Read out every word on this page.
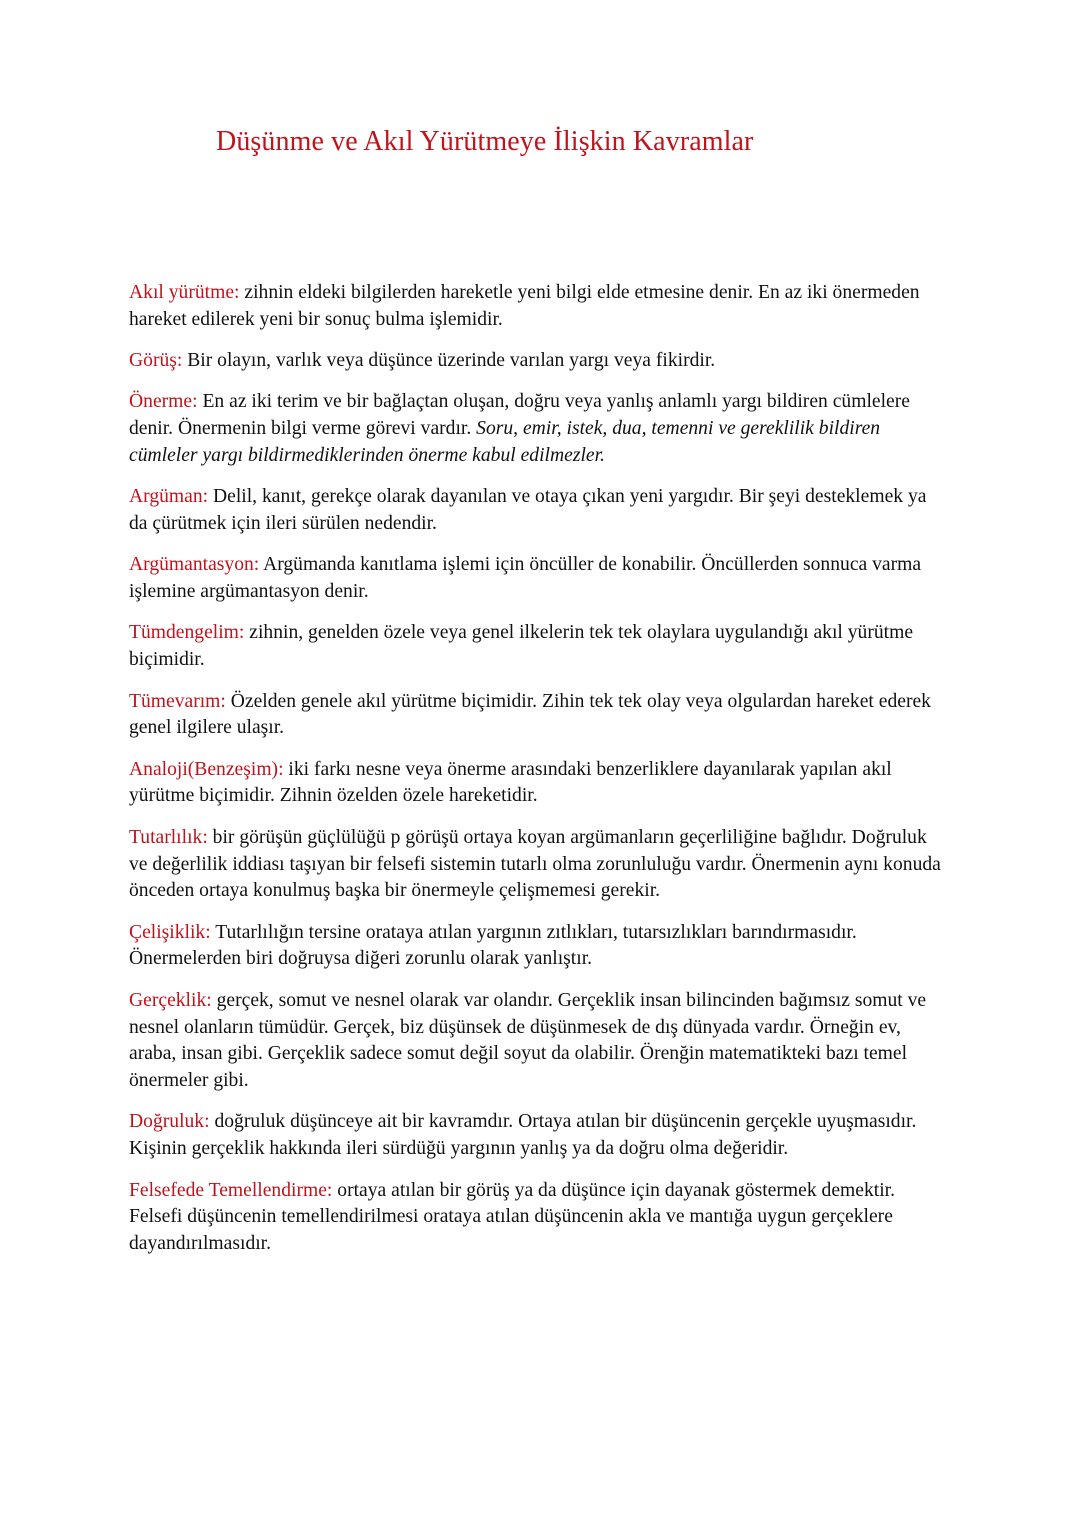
Düşünme ve Akıl Yürütmeye İlişkin Kavramlar

Akıl yürütme: zihnin eldeki bilgilerden hareketle yeni bilgi elde etmesine denir. En az iki önermeden hareket edilerek yeni bir sonuç bulma işlemidir.

Görüş: Bir olayın, varlık veya düşünce üzerinde varılan yargı veya fikirdir.

Önerme: En az iki terim ve bir bağlaçtan oluşan, doğru veya yanlış anlamlı yargı bildiren cümlelere denir. Önermenin bilgi verme görevi vardır. Soru, emir, istek, dua, temenni ve gereklilik bildiren cümleler yargı bildirmediklerinden önerme kabul edilmezler.

Argüman: Delil, kanıt, gerekçe olarak dayanılan ve otaya çıkan yeni yargıdır. Bir şeyi desteklemek ya da çürütmek için ileri sürülen nedendir.

Argümantasyon: Argümanda kanıtlama işlemi için öncüller de konabilir. Öncüllerden sonnuca varma işlemine argümantasyon denir.

Tümdengelim: zihnin, genelden özele veya genel ilkelerin tek tek olaylara uygulandığı akıl yürütme biçimidir.

Tümevarım: Özelden genele akıl yürütme biçimidir. Zihin tek tek olay veya olgulardan hareket ederek genel ilgilere ulaşır.

Analoji(Benzeşim): iki farkı nesne veya önerme arasındaki benzerliklere dayanılarak yapılan akıl yürütme biçimidir. Zihnin özelden özele hareketidir.

Tutarlılık: bir görüşün güçlülüğü p görüşü ortaya koyan argümanların geçerliliğine bağlıdır. Doğruluk ve değerlilik iddiası taşıyan bir felsefi sistemin tutarlı olma zorunluluğu vardır. Önermenin aynı konuda önceden ortaya konulmuş başka bir önermeyle çelişmemesi gerekir.

Çelişiklik: Tutarlılığın tersine orataya atılan yargının zıtlıkları, tutarsızlıkları barındırmasıdır. Önermelerden biri doğruysa diğeri zorunlu olarak yanlıştır.

Gerçeklik: gerçek, somut ve nesnel olarak var olandır. Gerçeklik insan bilincinden bağımsız somut ve nesnel olanların tümüdür. Gerçek, biz düşünsek de düşünmesek de dış dünyada vardır. Örneğin ev, araba, insan gibi. Gerçeklik sadece somut değil soyut da olabilir. Örenğin matematikteki bazı temel önermeler gibi.

Doğruluk: doğruluk düşünceye ait bir kavramdır. Ortaya atılan bir düşüncenin gerçekle uyuşmasıdır. Kişinin gerçeklik hakkında ileri sürdüğü yargının yanlış ya da doğru olma değeridir.

Felsefede Temellendirme: ortaya atılan bir görüş ya da düşünce için dayanak göstermek demektir. Felsefi düşüncenin temellendirilmesi orataya atılan düşüncenin akla ve mantığa uygun gerçeklere dayandırılmasıdır.
